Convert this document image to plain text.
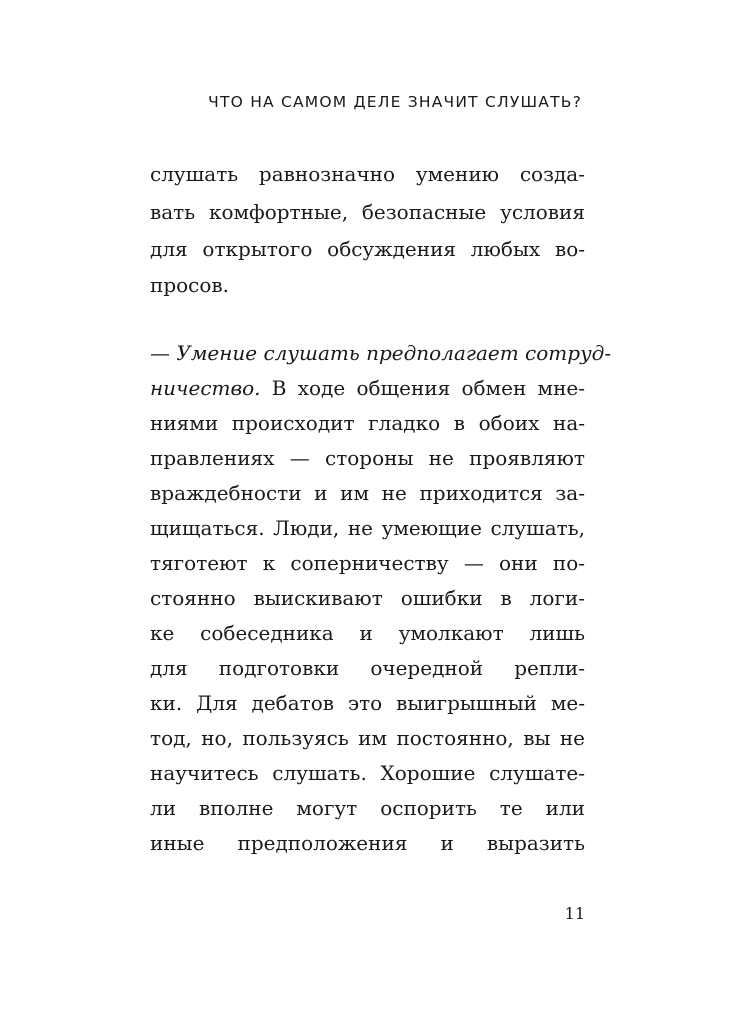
ЧТО НА САМОМ ДЕЛЕ ЗНАЧИТ СЛУШАТЬ?
слушать равнозначно умению созда-
вать комфортные, безопасные условия
для открытого обсуждения любых во-
просов.
— Умение слушать предполагает сотруд-
ничество. В ходе общения обмен мне-
ниями происходит гладко в обоих на-
правлениях — стороны не проявляют
враждебности и им не приходится за-
щищаться. Люди, не умеющие слушать,
тяготеют к соперничеству — они по-
стоянно выискивают ошибки в логи-
ке собеседника и умолкают лишь
для подготовки очередной репли-
ки. Для дебатов это выигрышный ме-
тод, но, пользуясь им постоянно, вы не
научитесь слушать. Хорошие слушате-
ли вполне могут оспорить те или
иные предположения и выразить
11
